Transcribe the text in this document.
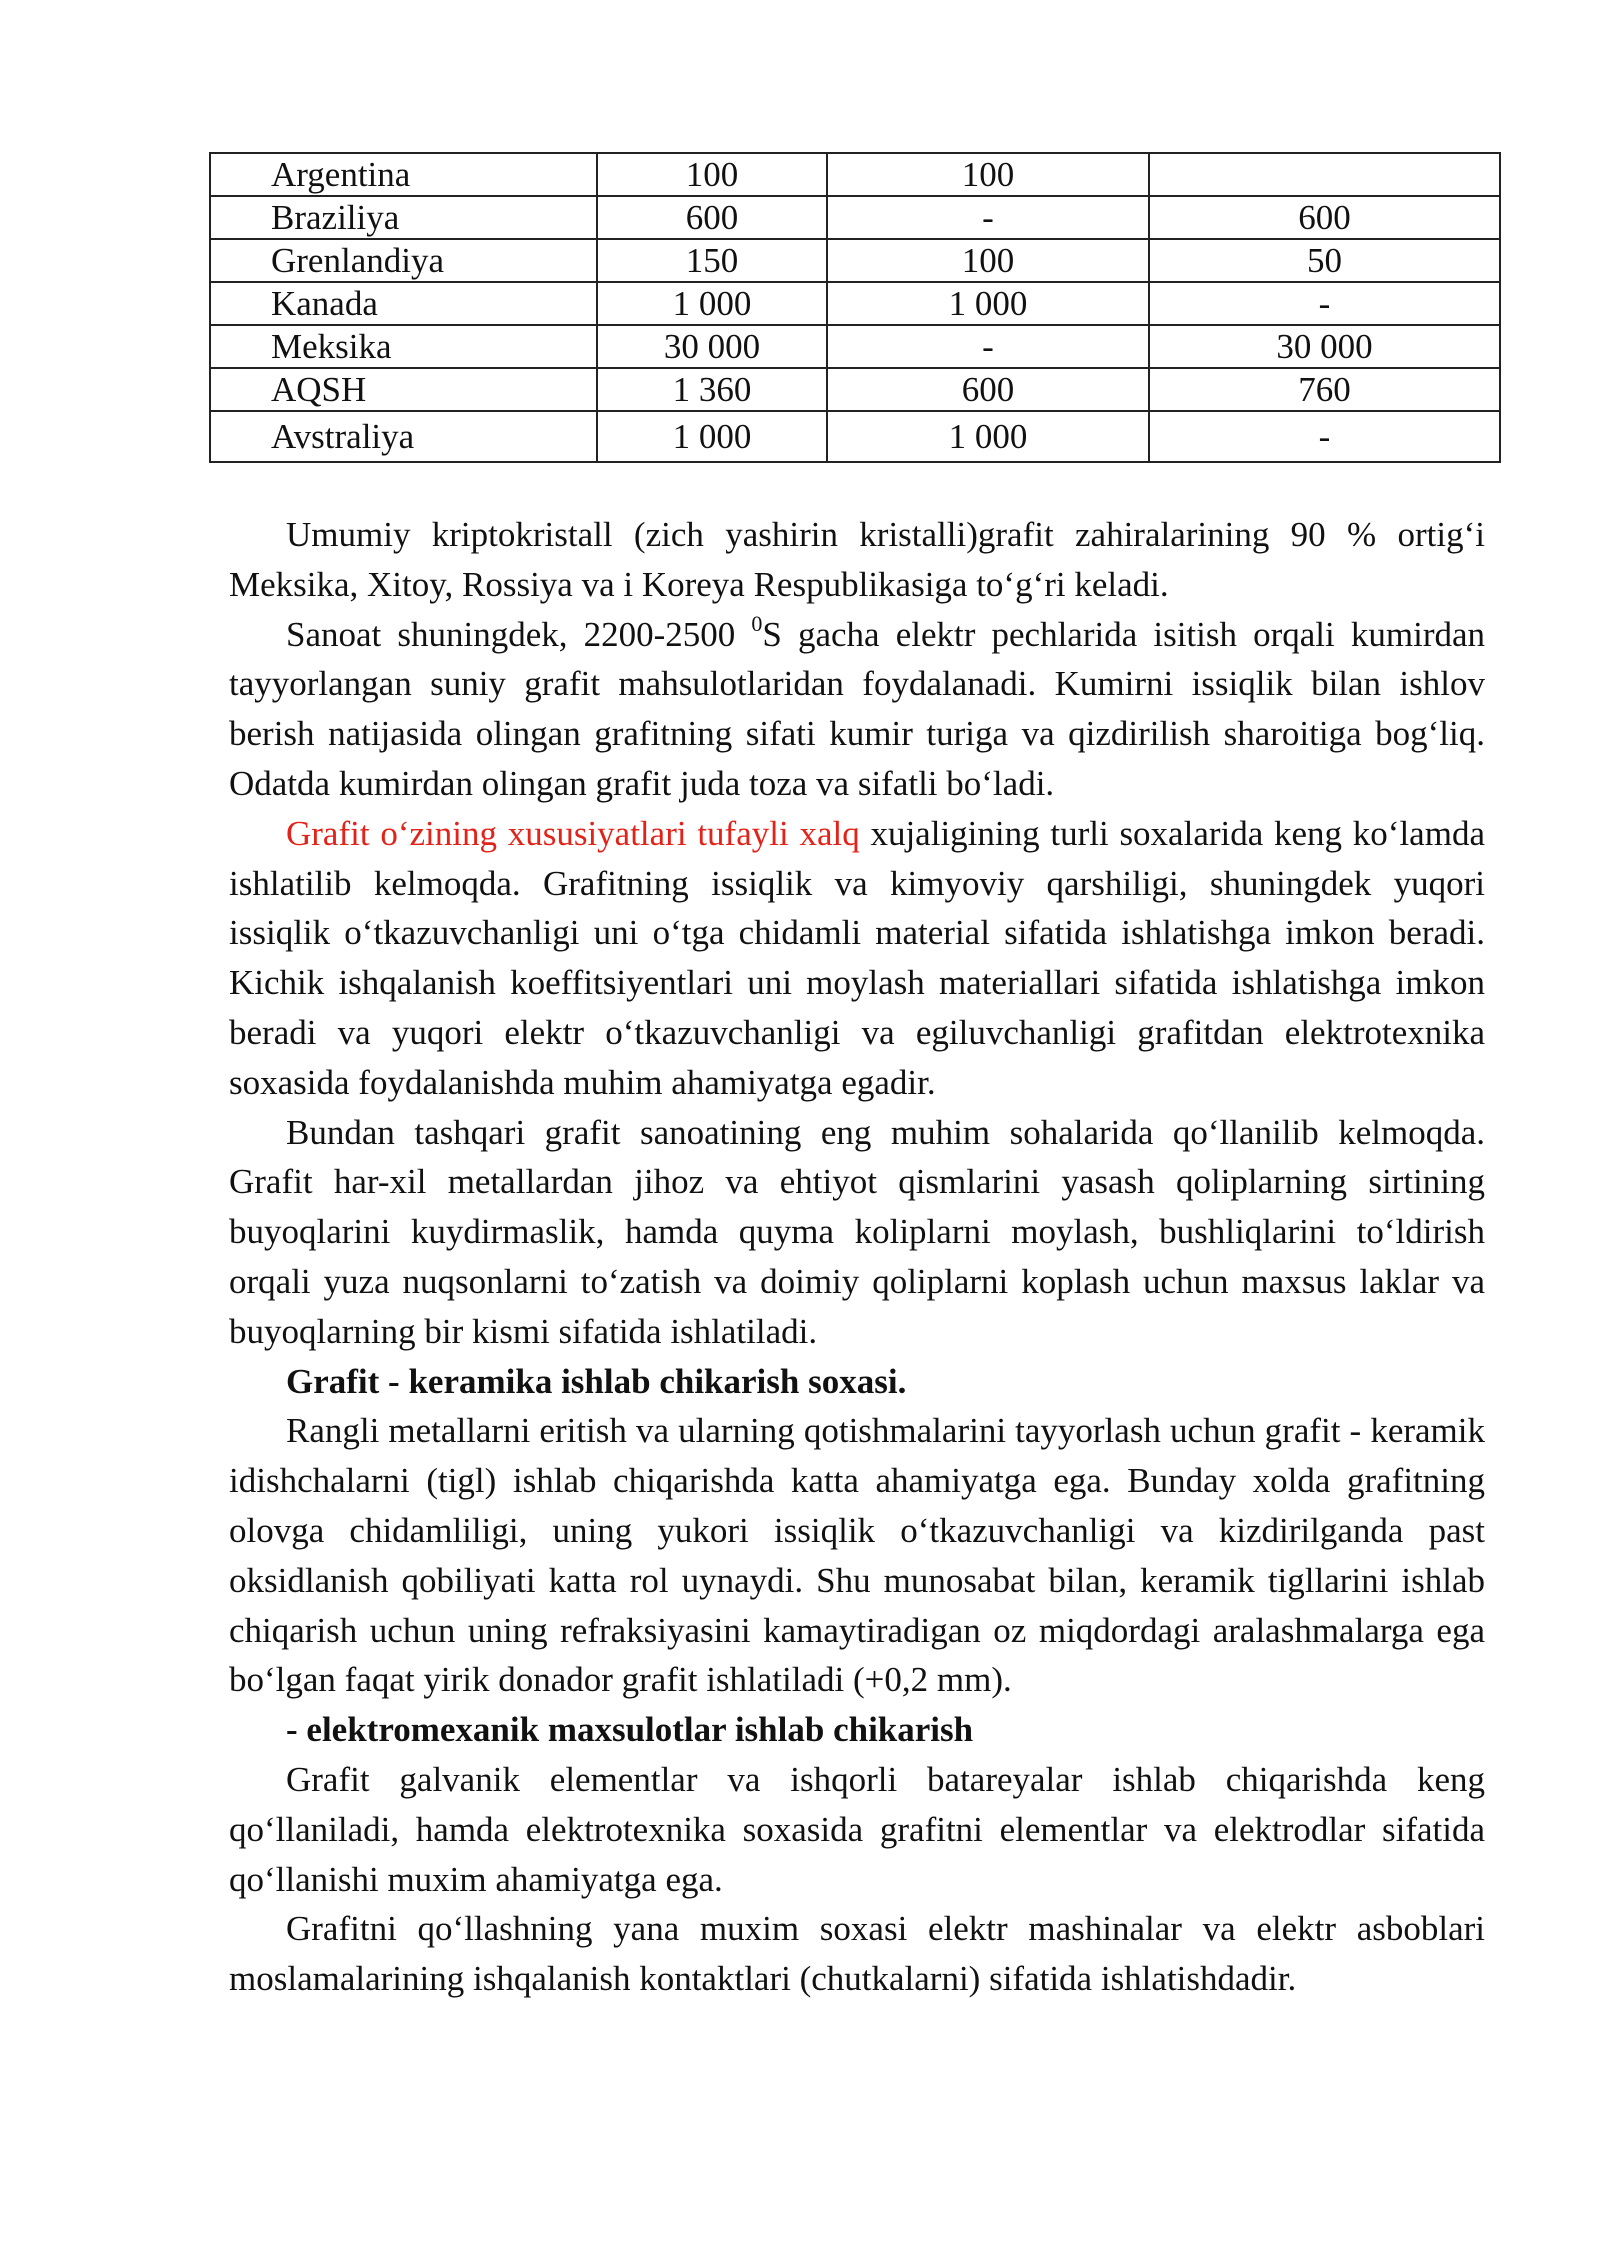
Argentina	100	100	
Braziliya	600	-	600
Grenlandiya	150	100	50
Kanada	1 000	1 000	-
Meksika	30 000	-	30 000
AQSH	1 360	600	760
Avstraliya	1 000	1 000	-

Umumiy kriptokristall (zich yashirin kristalli)grafit zahiralarining 90 % ortig‘i Meksika, Xitoy, Rossiya va i Koreya Respublikasiga to‘g‘ri keladi.

Sanoat shuningdek, 2200-2500 $^0$S gacha elektr pechlarida isitish orqali kumirdan tayyorlangan suniy grafit mahsulotlaridan foydalanadi. Kumirni issiqlik bilan ishlov berish natijasida olingan grafitning sifati kumir turiga va qizdirilish sharoitiga bog‘liq. Odatda kumirdan olingan grafit juda toza va sifatli bo‘ladi.

Grafit o‘zining xususiyatlari tufayli xalq xujaligining turli soxalarida keng ko‘lamda ishlatilib kelmoqda. Grafitning issiqlik va kimyoviy qarshiligi, shuningdek yuqori issiqlik o‘tkazuvchanligi uni o‘tga chidamli material sifatida ishlatishga imkon beradi. Kichik ishqalanish koeffitsiyentlari uni moylash materiallari sifatida ishlatishga imkon beradi va yuqori elektr o‘tkazuvchanligi va egiluvchanligi grafitdan elektrotexnika soxasida foydalanishda muhim ahamiyatga egadir.

Bundan tashqari grafit sanoatining eng muhim sohalarida qo‘llanilib kelmoqda. Grafit har-xil metallardan jihoz va ehtiyot qismlarini yasash qoliplarning sirtining buyoqlarini kuydirmaslik, hamda quyma koliplarni moylash, bushliqlarini to‘ldirish orqali yuza nuqsonlarni to‘zatish va doimiy qoliplarni koplash uchun maxsus laklar va buyoqlarning bir kismi sifatida ishlatiladi.

Grafit - keramika ishlab chikarish soxasi.

Rangli metallarni eritish va ularning qotishmalarini tayyorlash uchun grafit - keramik idishchalarni (tigl) ishlab chiqarishda katta ahamiyatga ega. Bunday xolda grafitning olovga chidamliligi, uning yukori issiqlik o‘tkazuvchanligi va kizdirilganda past oksidlanish qobiliyati katta rol uynaydi. Shu munosabat bilan, keramik tigllarini ishlab chiqarish uchun uning refraksiyasini kamaytiradigan oz miqdordagi aralashmalarga ega bo‘lgan faqat yirik donador grafit ishlatiladi (+0,2 mm).

- elektromexanik maxsulotlar ishlab chikarish

Grafit galvanik elementlar va ishqorli batareyalar ishlab chiqarishda keng qo‘llaniladi, hamda elektrotexnika soxasida grafitni elementlar va elektrodlar sifatida qo‘llanishi muxim ahamiyatga ega.

Grafitni qo‘llashning yana muxim soxasi elektr mashinalar va elektr asboblari moslamalarining ishqalanish kontaktlari (chutkalarni) sifatida ishlatishdadir.
